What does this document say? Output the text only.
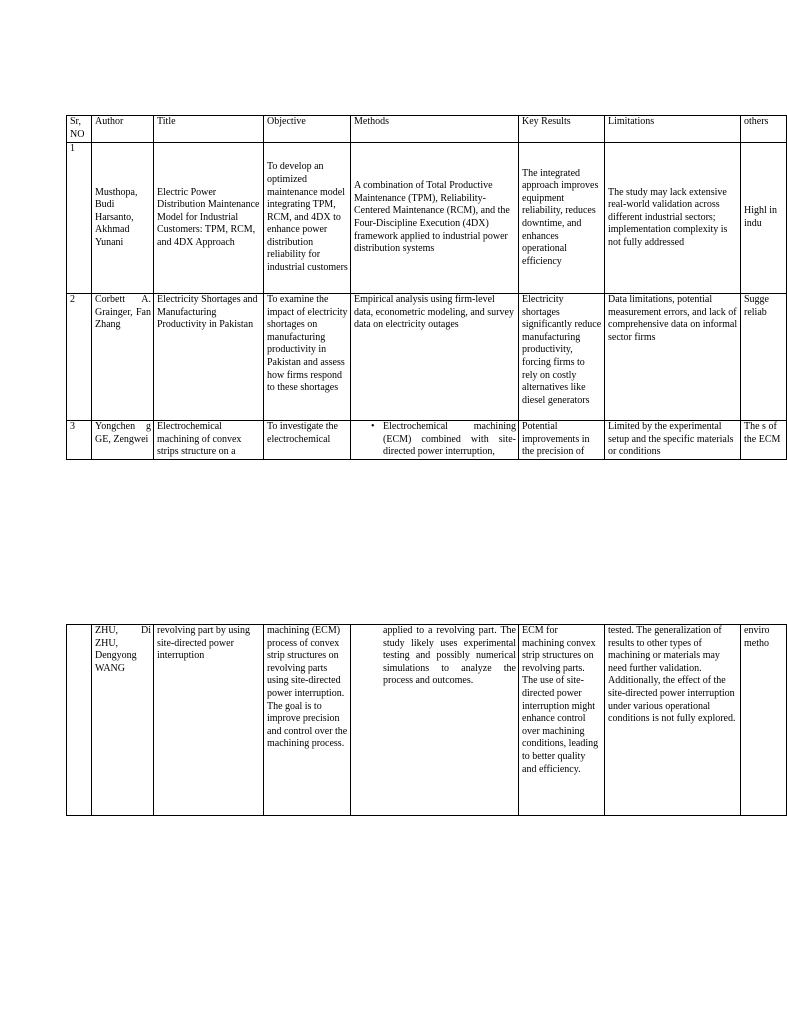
Sr, NO	Author	Title	Objective	Methods	Key Results	Limitations	others
1	Musthopa, Budi Harsanto, Akhmad Yunani	Electric Power Distribution Maintenance Model for Industrial Customers: TPM, RCM, and 4DX Approach	To develop an optimized maintenance model integrating TPM, RCM, and 4DX to enhance power distribution reliability for industrial customers	A combination of Total Productive Maintenance (TPM), Reliability-Centered Maintenance (RCM), and the Four-Discipline Execution (4DX) framework applied to industrial power distribution systems	The integrated approach improves equipment reliability, reduces downtime, and enhances operational efficiency	The study may lack extensive real-world validation across different industrial sectors; implementation complexity is not fully addressed	Highl in indu
2	Corbett A. Grainger, Fan Zhang	Electricity Shortages and Manufacturing Productivity in Pakistan	To examine the impact of electricity shortages on manufacturing productivity in Pakistan and assess how firms respond to these shortages	Empirical analysis using firm-level data, econometric modeling, and survey data on electricity outages	Electricity shortages significantly reduce manufacturing productivity, forcing firms to rely on costly alternatives like diesel generators	Data limitations, potential measurement errors, and lack of comprehensive data on informal sector firms	Sugge reliab
3	Yongchen g GE, Zengwei	Electrochemical machining of convex strips structure on a	To investigate the electrochemical	• Electrochemical machining (ECM) combined with site-directed power interruption,	Potential improvements in the precision of	Limited by the experimental setup and the specific materials or conditions	The s of the ECM
	ZHU, Di ZHU, Dengyong WANG	revolving part by using site-directed power interruption	machining (ECM) process of convex strip structures on revolving parts using site-directed power interruption. The goal is to improve precision and control over the machining process.	applied to a revolving part. The study likely uses experimental testing and possibly numerical simulations to analyze the process and outcomes.	ECM for machining convex strip structures on revolving parts. The use of site-directed power interruption might enhance control over machining conditions, leading to better quality and efficiency.	tested. The generalization of results to other types of machining or materials may need further validation. Additionally, the effect of the site-directed power interruption under various operational conditions is not fully explored.	enviro metho
